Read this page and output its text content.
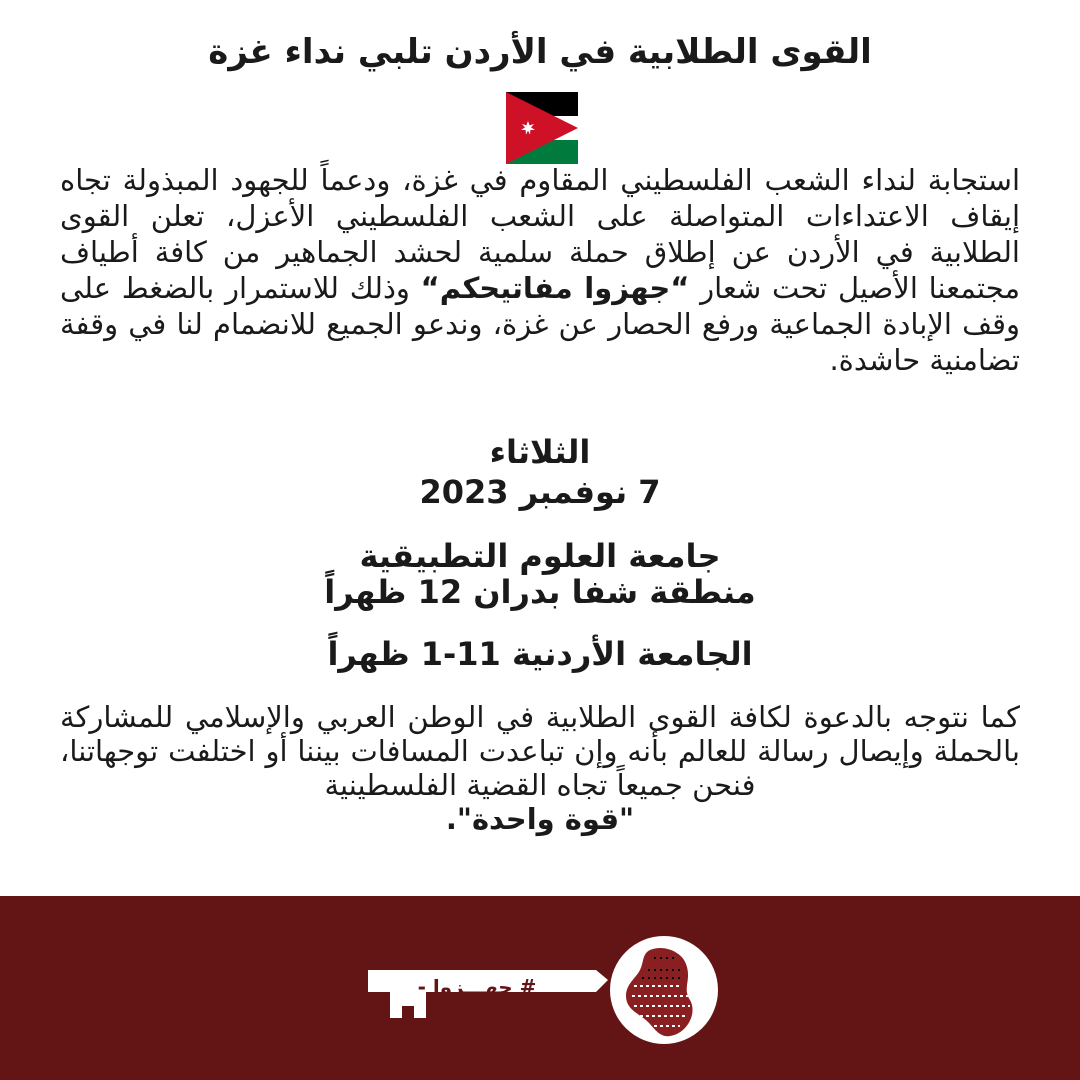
القوى الطلابية في الأردن تلبي نداء غزة
استجابة لنداء الشعب الفلسطيني المقاوم في غزة، ودعماً للجهود المبذولة تجاه إيقاف الاعتداءات المتواصلة على الشعب الفلسطيني الأعزل، تعلن القوى الطلابية في الأردن عن إطلاق حملة سلمية لحشد الجماهير من كافة أطياف مجتمعنا الأصيل تحت شعار “جهزوا مفاتيحكم“ وذلك للاستمرار بالضغط على وقف الإبادة الجماعية ورفع الحصار عن غزة، وندعو الجميع للانضمام لنا في وقفة تضامنية حاشدة.
الثلاثاء
7 نوفمبر 2023
جامعة العلوم التطبيقية
منطقة شفا بدران 12 ظهراً
الجامعة الأردنية 11-1 ظهراً
كما نتوجه بالدعوة لكافة القوى الطلابية في الوطن العربي والإسلامي للمشاركة بالحملة وإيصال رسالة للعالم بأنه وإن تباعدت المسافات بيننا أو اختلفت توجهاتنا، فنحن جميعاً تجاه القضية الفلسطينية
"قوة واحدة".
# جهـــزوا - مفاتيحكـم
